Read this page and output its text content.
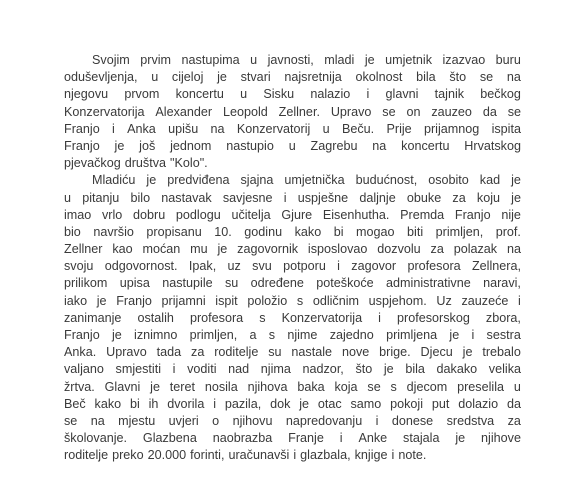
Svojim prvim nastupima u javnosti, mladi je umjetnik izazvao buru
oduševljenja, u cijeloj je stvari najsretnija okolnost bila što se na
njegovu prvom koncertu u Sisku nalazio i glavni tajnik bečkog
Konzervatorija Alexander Leopold Zellner. Upravo se on zauzeo da se
Franjo i Anka upišu na Konzervatorij u Beču. Prije prijamnog ispita
Franjo je još jednom nastupio u Zagrebu na koncertu Hrvatskog
pjevačkog društva "Kolo".
Mladiću je predviđena sjajna umjetnička budućnost, osobito kad je
u pitanju bilo nastavak savjesne i uspješne daljnje obuke za koju je
imao vrlo dobru podlogu učitelja Gjure Eisenhutha. Premda Franjo nije
bio navršio propisanu 10. godinu kako bi mogao biti primljen, prof.
Zellner kao moćan mu je zagovornik isposlovao dozvolu za polazak na
svoju odgovornost. Ipak, uz svu potporu i zagovor profesora Zellnera,
prilikom upisa nastupile su određene poteškoće administrativne naravi,
iako je Franjo prijamni ispit položio s odličnim uspjehom. Uz zauzeće i
zanimanje ostalih profesora s Konzervatorija i profesorskog zbora,
Franjo je iznimno primljen, a s njime zajedno primljena je i sestra
Anka. Upravo tada za roditelje su nastale nove brige. Djecu je trebalo
valjano smjestiti i voditi nad njima nadzor, što je bila dakako velika
žrtva. Glavni je teret nosila njihova baka koja se s djecom preselila u
Beč kako bi ih dvorila i pazila, dok je otac samo pokoji put dolazio da
se na mjestu uvjeri o njihovu napredovanju i donese sredstva za
školovanje. Glazbena naobrazba Franje i Anke stajala je njihove
roditelje preko 20.000 forinti, uračunavši i glazbala, knjige i note.
